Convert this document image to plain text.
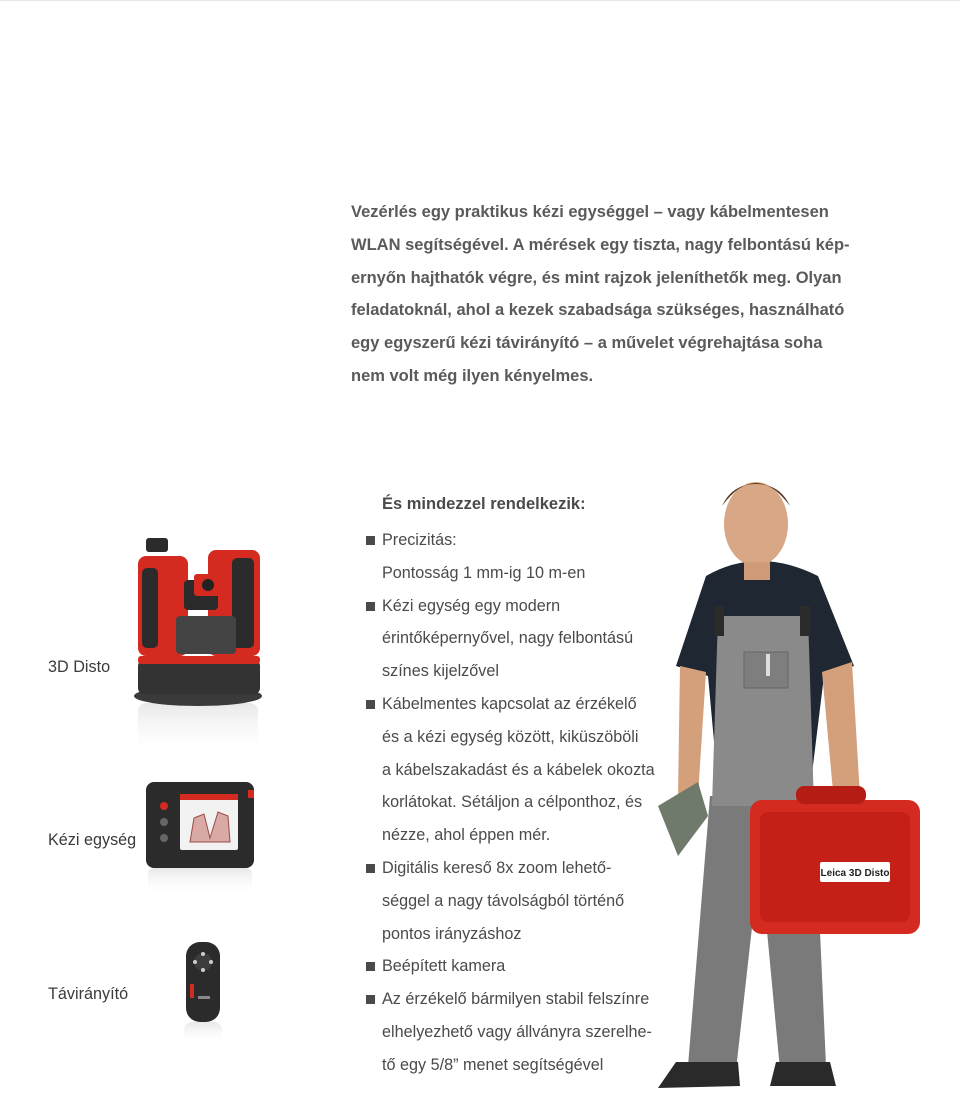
Vezérlés egy praktikus kézi egységgel – vagy kábelmentesen
WLAN segítségével. A mérések egy tiszta, nagy felbontású kép-
ernyőn hajthatók végre, és mint rajzok jeleníthetők meg. Olyan
feladatoknál, ahol a kezek szabadsága szükséges, használható
egy egyszerű kézi távirányító – a művelet végrehajtása soha
nem volt még ilyen kényelmes.
És mindezzel rendelkezik:
Precizitás:
Pontosság 1 mm-ig 10 m-en
Kézi egység egy modern
érintőképernyővel, nagy felbontású
színes kijelzővel
Kábelmentes kapcsolat az érzékelő
és a kézi egység között, kiküszöböli
a kábelszakadást és a kábelek okozta
korlátokat. Sétáljon a célponthoz, és
nézze, ahol éppen mér.
Digitális kereső 8x zoom lehető-
séggel a nagy távolságból történő
pontos irányzáshoz
Beépített kamera
Az érzékelő bármilyen stabil felszínre
elhelyezhető vagy állványra szerelhe-
tő egy 5/8” menet segítségével
3D Disto
Kézi egység
Távirányító
Leica 3D Disto
